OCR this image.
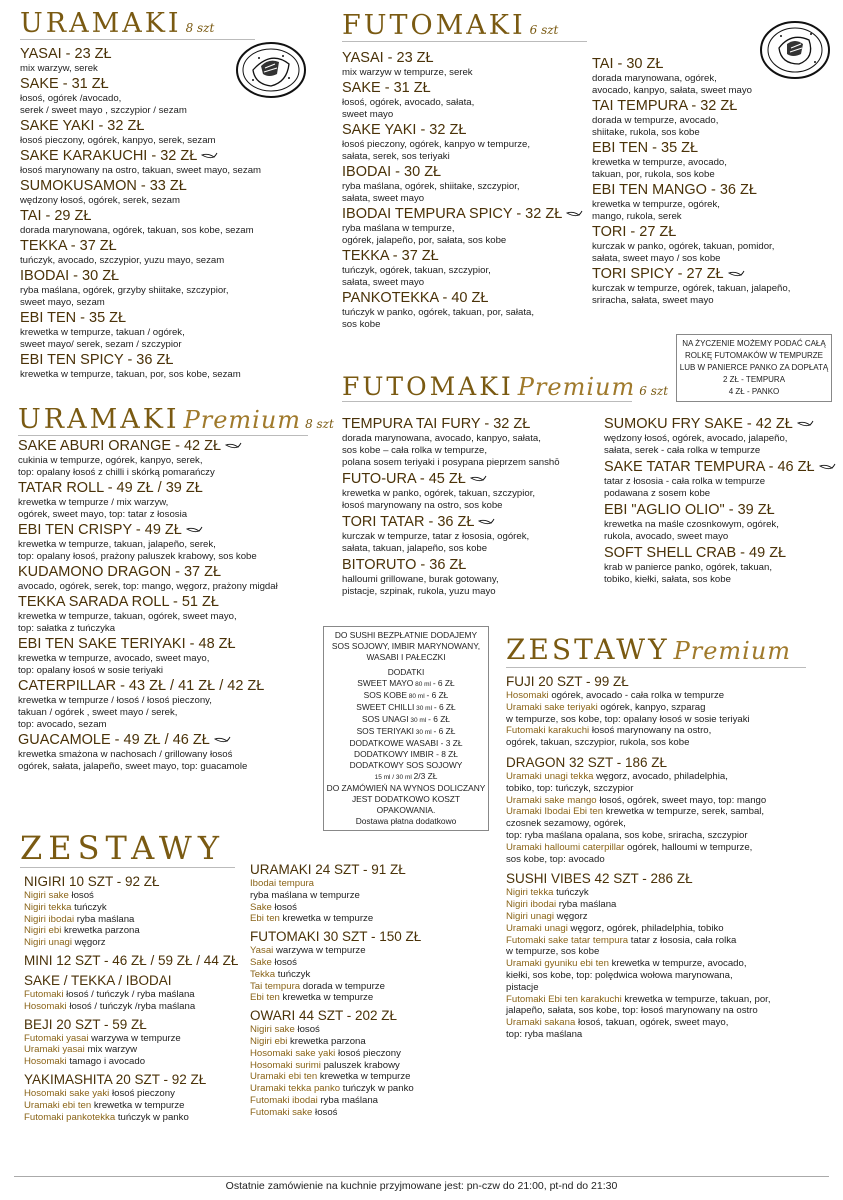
URAMAKI 8 szt
YASAI - 23 ZŁ
mix warzyw, serek
SAKE - 31 ZŁ
łosoś, ogórek /avocado,
serek / sweet mayo , szczypior / sezam
SAKE YAKI - 32 ZŁ
łosoś pieczony, ogórek, kanpyo, serek, sezam
SAKE KARAKUCHI - 32 ZŁ
łosoś marynowany na ostro, takuan, sweet mayo, sezam
SUMOKUSAMON - 33 ZŁ
wędzony łosoś, ogórek, serek, sezam
TAI - 29 ZŁ
dorada marynowana, ogórek, takuan, sos kobe, sezam
TEKKA - 37 ZŁ
tuńczyk, avocado, szczypior, yuzu mayo, sezam
IBODAI - 30 ZŁ
ryba maślana, ogórek, grzyby shiitake, szczypior,
sweet mayo, sezam
EBI TEN - 35 ZŁ
krewetka w tempurze, takuan / ogórek,
sweet mayo/ serek, sezam / szczypior
EBI TEN SPICY - 36 ZŁ
krewetka w tempurze, takuan, por, sos kobe, sezam
FUTOMAKI 6 szt
YASAI - 23 ZŁ
mix warzyw w tempurze, serek
SAKE - 31 ZŁ
łosoś, ogórek, avocado, sałata,
sweet mayo
SAKE YAKI - 32 ZŁ
łosoś pieczony, ogórek, kanpyo w tempurze,
sałata, serek, sos teriyaki
IBODAI - 30 ZŁ
ryba maślana, ogórek, shiitake, szczypior,
sałata, sweet mayo
IBODAI TEMPURA SPICY - 32 ZŁ
ryba maślana w tempurze,
ogórek, jalapeño, por, sałata, sos kobe
TEKKA - 37 ZŁ
tuńczyk, ogórek, takuan, szczypior,
sałata, sweet mayo
PANKOTEKKA - 40 ZŁ
tuńczyk w panko, ogórek, takuan, por, sałata,
sos kobe
TAI - 30 ZŁ
dorada marynowana, ogórek,
avocado, kanpyo, sałata, sweet mayo
TAI TEMPURA - 32 ZŁ
dorada w tempurze, avocado,
shiitake, rukola, sos kobe
EBI TEN - 35 ZŁ
krewetka w tempurze, avocado,
takuan, por, rukola, sos kobe
EBI TEN MANGO - 36 ZŁ
krewetka w tempurze, ogórek,
mango, rukola, serek
TORI - 27 ZŁ
kurczak w panko, ogórek, takuan, pomidor,
sałata, sweet mayo / sos kobe
TORI SPICY - 27 ZŁ
kurczak w tempurze, ogórek, takuan, jalapeño,
sriracha, sałata, sweet mayo

NA ŻYCZENIE MOŻEMY PODAĆ CAŁĄ

ROLKĘ FUTOMAKÓW W TEMPURZE

LUB W PANIERCE PANKO ZA DOPŁATĄ

2 ZŁ - TEMPURA

4 ZŁ - PANKO

URAMAKI Premium 8 szt
SAKE ABURI ORANGE - 42 ZŁ
cukinia w tempurze, ogórek, kanpyo, serek,
top: opalany łosoś z chilli i skórką pomarańczy
TATAR ROLL - 49 ZŁ / 39 ZŁ
krewetka w tempurze / mix warzyw,
ogórek, sweet mayo, top: tatar z łososia
EBI TEN CRISPY - 49 ZŁ
krewetka w tempurze, takuan, jalapeño, serek,
top: opalany łosoś, prażony paluszek krabowy, sos kobe
KUDAMONO DRAGON - 37 ZŁ
avocado, ogórek, serek, top: mango, węgorz, prażony migdał
TEKKA SARADA ROLL - 51 ZŁ
krewetka w tempurze, takuan, ogórek, sweet mayo,
top: sałatka z tuńczyka
EBI TEN SAKE TERIYAKI - 48 ZŁ
krewetka w tempurze, avocado, sweet mayo,
top: opalany łosoś w sosie teriyaki
CATERPILLAR - 43 ZŁ / 41 ZŁ / 42 ZŁ
krewetka w tempurze / łosoś / łosoś pieczony,
takuan / ogórek , sweet mayo / serek,
top: avocado, sezam
GUACAMOLE - 49 ZŁ / 46 ZŁ
krewetka smażona w nachosach / grillowany łosoś
ogórek, sałata, jalapeño, sweet mayo, top: guacamole
FUTOMAKI Premium 6 szt
TEMPURA TAI FURY - 32 ZŁ
dorada marynowana, avocado, kanpyo, sałata,
sos kobe – cała rolka w tempurze,
polana sosem teriyaki i posypana pieprzem sanshō
FUTO-URA - 45 ZŁ
krewetka w panko, ogórek, takuan, szczypior,
łosoś marynowany na ostro, sos kobe
TORI TATAR - 36 ZŁ
kurczak w tempurze, tatar z łososia, ogórek,
sałata, takuan, jalapeño, sos kobe
BITORUTO - 36 ZŁ
halloumi grillowane, burak gotowany,
pistacje, szpinak, rukola, yuzu mayo
SUMOKU FRY SAKE - 42 ZŁ
wędzony łosoś, ogórek, avocado, jalapeño,
sałata, serek - cała rolka w tempurze
SAKE TATAR TEMPURA - 46 ZŁ
tatar z łososia - cała rolka w tempurze
podawana z sosem kobe
EBI "AGLIO OLIO" - 39 ZŁ
krewetka na maśle czosnkowym, ogórek,
rukola, avocado, sweet mayo
SOFT SHELL CRAB - 49 ZŁ
krab w panierce panko, ogórek, takuan,
tobiko, kiełki, sałata, sos kobe

DO SUSHI BEZPŁATNIE DODAJEMY

SOS SOJOWY, IMBIR MARYNOWANY,

WASABI I PAŁECZKI

DODATKI

SWEET MAYO 80 ml - 6 ZŁ

SOS KOBE 80 ml - 6 ZŁ

SWEET CHILLI 30 ml - 6 ZŁ

SOS UNAGI 30 ml - 6 ZŁ

SOS TERIYAKI 30 ml - 6 ZŁ

DODATKOWE WASABI - 3 ZŁ

DODATKOWY IMBIR - 8 ZŁ

DODATKOWY SOS SOJOWY

15 ml / 30 ml 2/3 ZŁ

DO ZAMÓWIEŃ NA WYNOS DOLICZANY

JEST DODATKOWO KOSZT OPAKOWANIA.

Dostawa płatna dodatkowo

ZESTAWY Premium
FUJI 20 SZT - 99 ZŁ
Hosomaki ogórek, avocado - cała rolka w tempurze
Uramaki sake teriyaki ogórek, kanpyo, szparag
w tempurze, sos kobe, top: opalany łosoś w sosie teriyaki
Futomaki karakuchi łosoś marynowany na ostro,
ogórek, takuan, szczypior, rukola, sos kobe
DRAGON 32 SZT - 186 ZŁ
Uramaki unagi tekka węgorz, avocado, philadelphia,
tobiko, top: tuńczyk, szczypior
Uramaki sake mango łosoś, ogórek, sweet mayo, top: mango
Uramaki Ibodai Ebi ten krewetka w tempurze, serek, sambal,
czosnek sezamowy, ogórek,
top: ryba maślana opalana, sos kobe, sriracha, szczypior
Uramaki halloumi caterpillar ogórek, halloumi w tempurze,
sos kobe, top: avocado
SUSHI VIBES 42 SZT - 286 ZŁ
Nigiri tekka tuńczyk
Nigiri ibodai ryba maślana
Nigiri unagi węgorz
Uramaki unagi węgorz, ogórek, philadelphia, tobiko
Futomaki sake tatar tempura tatar z łososia, cała rolka
w tempurze, sos kobe
Uramaki gyuniku ebi ten krewetka w tempurze, avocado,
kiełki, sos kobe, top: polędwica wołowa marynowana,
pistacje
Futomaki Ebi ten karakuchi krewetka w tempurze, takuan, por,
jalapeño, sałata, sos kobe, top: łosoś marynowany na ostro
Uramaki sakana łosoś, takuan, ogórek, sweet mayo,
top: ryba maślana
ZESTAWY
NIGIRI 10 SZT - 92 ZŁ
Nigiri sake łosoś
Nigiri tekka tuńczyk
Nigiri ibodai ryba maślana
Nigiri ebi krewetka parzona
Nigiri unagi węgorz
MINI 12 SZT - 46 ZŁ / 59 ZŁ / 44 ZŁ
SAKE / TEKKA / IBODAI
Futomaki łosoś / tuńczyk / ryba maślana
Hosomaki łosoś / tuńczyk /ryba maślana
BEJI 20 SZT - 59 ZŁ
Futomaki yasai warzywa w tempurze
Uramaki yasai mix warzyw
Hosomaki tamago i avocado
YAKIMASHITA 20 SZT - 92 ZŁ
Hosomaki sake yaki łosoś pieczony
Uramaki ebi ten krewetka w tempurze
Futomaki pankotekka tuńczyk w panko
URAMAKI 24 SZT - 91 ZŁ
Ibodai tempura
ryba maślana w tempurze
Sake łosoś
Ebi ten krewetka w tempurze
FUTOMAKI 30 SZT - 150 ZŁ
Yasai warzywa w tempurze
Sake łosoś
Tekka tuńczyk
Tai tempura dorada w tempurze
Ebi ten krewetka w tempurze
OWARI 44 SZT - 202 ZŁ
Nigiri sake łosoś
Nigiri ebi krewetka parzona
Hosomaki sake yaki łosoś pieczony
Hosomaki surimi paluszek krabowy
Uramaki ebi ten krewetka w tempurze
Uramaki tekka panko tuńczyk w panko
Futomaki ibodai ryba maślana
Futomaki sake łosoś
Ostatnie zamówienie na kuchnie przyjmowane jest: pn-czw do 21:00, pt-nd do 21:30
